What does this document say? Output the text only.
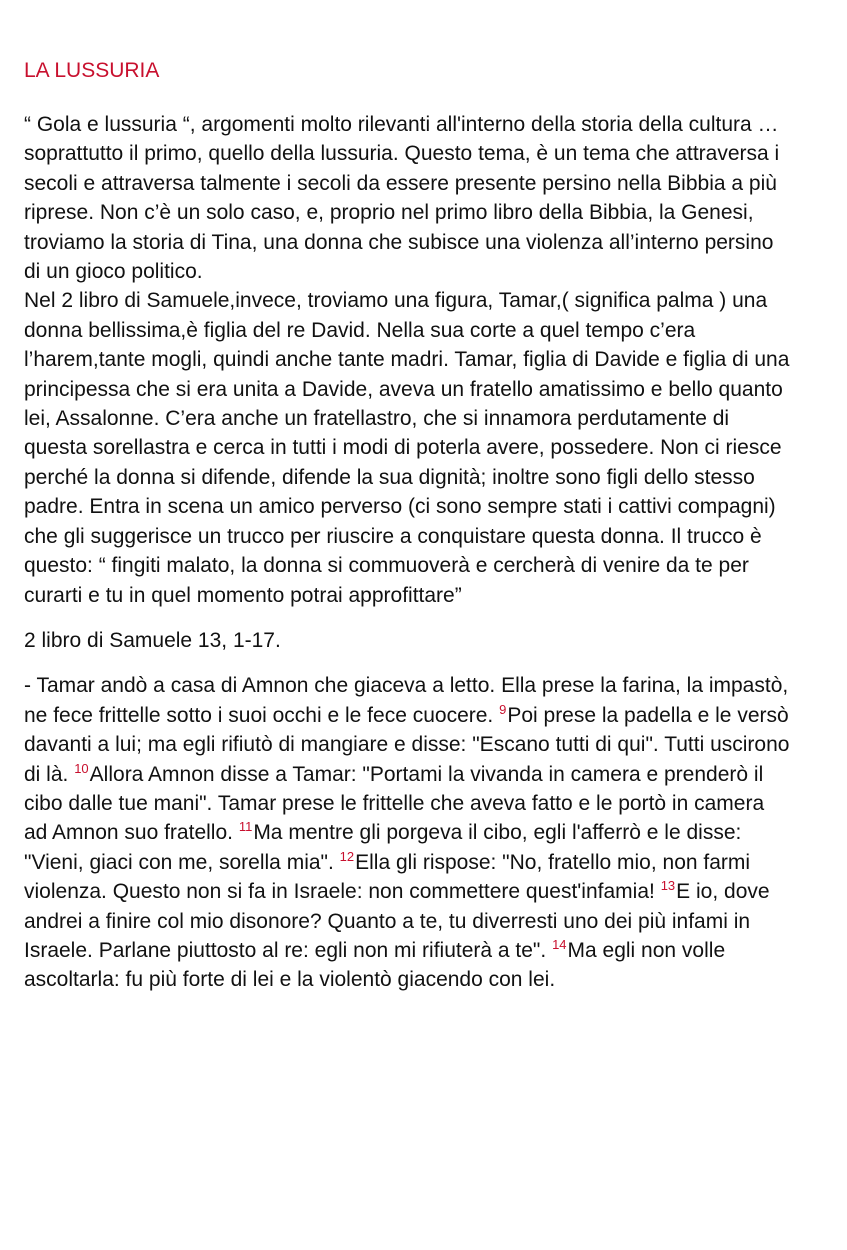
LA LUSSURIA

“ Gola e lussuria “, argomenti molto rilevanti all'interno della storia della cultura … soprattutto il primo, quello della lussuria. Questo tema, è un tema che attraversa i secoli e attraversa talmente i secoli da essere presente persino nella Bibbia a più riprese. Non c’è un solo caso, e, proprio nel primo libro della Bibbia, la Genesi, troviamo la storia di Tina, una donna che subisce una violenza all’interno persino di un gioco politico.

Nel 2 libro di Samuele,invece, troviamo una figura, Tamar,( significa palma ) una donna bellissima,è figlia del re David. Nella sua corte a quel tempo c’era l’harem,tante mogli, quindi anche tante madri. Tamar, figlia di Davide e figlia di una principessa che si era unita a Davide, aveva un fratello amatissimo e bello quanto lei, Assalonne. C’era anche un fratellastro, che si innamora perdutamente di questa sorellastra e cerca in tutti i modi di poterla avere, possedere. Non ci riesce perché la donna si difende, difende la sua dignità; inoltre sono figli dello stesso padre. Entra in scena un amico perverso (ci sono sempre stati i cattivi compagni) che gli suggerisce un trucco per riuscire a conquistare questa donna. Il trucco è questo: “ fingiti malato, la donna si commuoverà e cercherà di venire da te per curarti e tu in quel momento potrai approfittare”

2 libro di Samuele 13, 1-17.

- Tamar andò a casa di Amnon che giaceva a letto. Ella prese la farina, la impastò, ne fece frittelle sotto i suoi occhi e le fece cuocere. $^9$Poi prese la padella e le versò davanti a lui; ma egli rifiutò di mangiare e disse: "Escano tutti di qui". Tutti uscirono di là. $^{10}$Allora Amnon disse a Tamar: "Portami la vivanda in camera e prenderò il cibo dalle tue mani". Tamar prese le frittelle che aveva fatto e le portò in camera ad Amnon suo fratello. $^{11}$Ma mentre gli porgeva il cibo, egli l'afferrò e le disse: "Vieni, giaci con me, sorella mia". $^{12}$Ella gli rispose: "No, fratello mio, non farmi violenza. Questo non si fa in Israele: non commettere quest'infamia! $^{13}$E io, dove andrei a finire col mio disonore? Quanto a te, tu diverresti uno dei più infami in Israele. Parlane piuttosto al re: egli non mi rifiuterà a te". $^{14}$Ma egli non volle ascoltarla: fu più forte di lei e la violentò giacendo con lei.
